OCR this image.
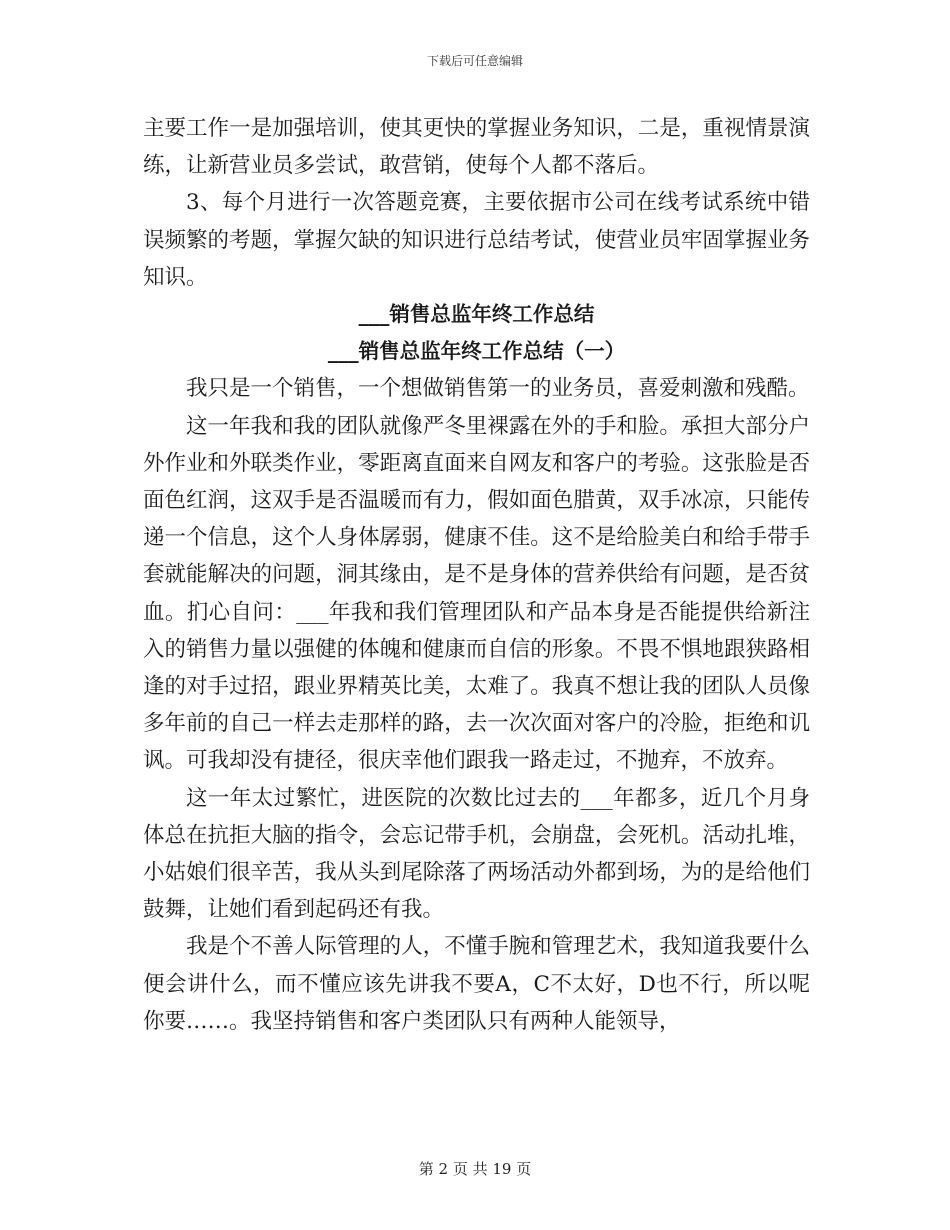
下载后可任意编辑

主要工作一是加强培训，使其更快的掌握业务知识，二是，重视情景演练，让新营业员多尝试，敢营销，使每个人都不落后。

3、每个月进行一次答题竞赛，主要依据市公司在线考试系统中错误频繁的考题，掌握欠缺的知识进行总结考试，使营业员牢固掌握业务知识。

___销售总监年终工作总结

___销售总监年终工作总结（一）

我只是一个销售，一个想做销售第一的业务员，喜爱刺激和残酷。

这一年我和我的团队就像严冬里裸露在外的手和脸。承担大部分户外作业和外联类作业，零距离直面来自网友和客户的考验。这张脸是否面色红润，这双手是否温暖而有力，假如面色腊黄，双手冰凉，只能传递一个信息，这个人身体孱弱，健康不佳。这不是给脸美白和给手带手套就能解决的问题，洞其缘由，是不是身体的营养供给有问题，是否贫血。扪心自问：___年我和我们管理团队和产品本身是否能提供给新注入的销售力量以强健的体魄和健康而自信的形象。不畏不惧地跟狭路相逢的对手过招，跟业界精英比美，太难了。我真不想让我的团队人员像多年前的自己一样去走那样的路，去一次次面对客户的冷脸，拒绝和讥讽。可我却没有捷径，很庆幸他们跟我一路走过，不抛弃，不放弃。

这一年太过繁忙，进医院的次数比过去的___年都多，近几个月身体总在抗拒大脑的指令，会忘记带手机，会崩盘，会死机。活动扎堆，小姑娘们很辛苦，我从头到尾除落了两场活动外都到场，为的是给他们鼓舞，让她们看到起码还有我。

我是个不善人际管理的人，不懂手腕和管理艺术，我知道我要什么便会讲什么，而不懂应该先讲我不要A，C不太好，D也不行，所以呢你要……。我坚持销售和客户类团队只有两种人能领导，

第 2 页 共 19 页
